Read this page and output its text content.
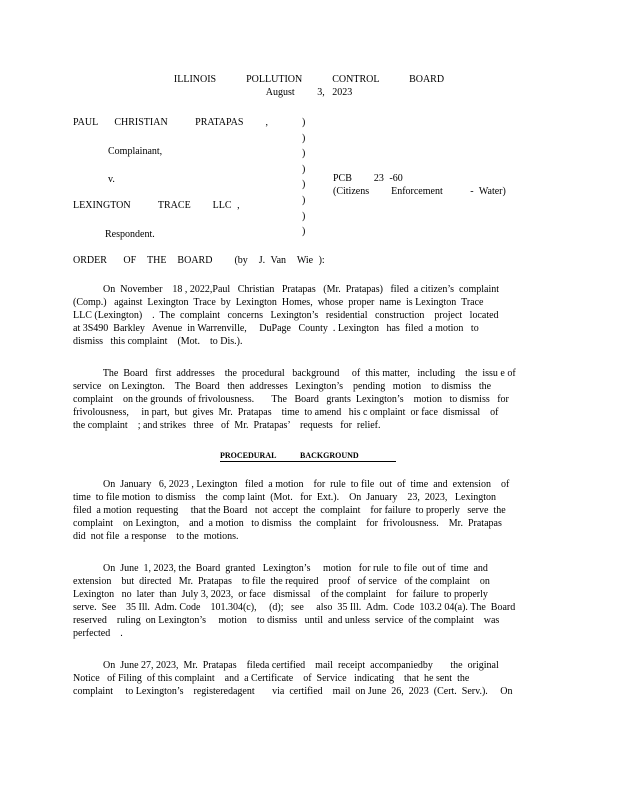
ILLINOIS    POLLUTION    CONTROL    BOARD
August   3, 2023
PAUL   CHRISTIAN     PRATAPAS    ,
Complainant,
v.
LEXINGTON     TRACE    LLC ,
Respondent.
PCB    23 -60
(Citizens    Enforcement     - Water)
)
)
)
)
)
)
)
)
ORDER   OF  THE  BOARD    (by  J. Van  Wie ):

On  November    18 , 2022,Paul   Christian   Pratapas   (Mr.  Pratapas)   filed  a citizen’s  complaint

(Comp.)   against  Lexington  Trace  by  Lexington  Homes,  whose  proper  name  is Lexington  Trace

LLC (Lexington)    .  The  complaint   concerns   Lexington’s   residential   construction    project   located

at 3S490  Barkley   Avenue  in Warrenville,     DuPage   County  . Lexington   has  filed  a motion   to

dismiss   this complaint    (Mot.    to Dis.).

The  Board   first  addresses    the  procedural   background     of  this matter,   including    the  issu e of

service   on Lexington.    The  Board   then  addresses   Lexington’s    pending   motion    to dismiss   the

complaint    on the grounds  of frivolousness.       The   Board   grants  Lexington’s    motion   to dismiss   for

frivolousness,     in part,  but  gives  Mr.  Pratapas    time  to amend   his c omplaint  or face  dismissal    of

the complaint    ; and strikes   three   of  Mr.  Pratapas’    requests   for  relief.

PROCEDURAL BACKGROUND

On  January   6, 2023 , Lexington   filed  a motion    for  rule  to file  out  of  time  and  extension    of

time  to file motion  to dismiss    the  comp laint  (Mot.   for  Ext.).    On  January    23,  2023,   Lexington

filed  a motion  requesting     that the Board   not  accept  the  complaint    for failure  to properly   serve  the

complaint    on Lexington,    and  a motion   to dismiss   the  complaint    for  frivolousness.    Mr.  Pratapas

did  not file  a response    to the  motions.

On  June  1, 2023, the  Board  granted   Lexington’s     motion   for rule  to file  out of  time  and

extension    but  directed   Mr.  Pratapas    to file  the required    proof   of service   of the complaint    on

Lexington   no  later  than  July 3, 2023,  or face   dismissal    of the complaint    for  failure  to properly

serve.  See    35 Ill.  Adm. Code    101.304(c),     (d);   see     also  35 Ill.  Adm.  Code  103.2 04(a). The  Board

reserved    ruling  on Lexington’s     motion    to dismiss   until  and unless  service  of the complaint    was

perfected    .

On  June 27, 2023,  Mr.  Pratapas    fileda certified    mail  receipt  accompaniedby       the  original

Notice   of Filing  of this complaint    and  a Certificate    of  Service   indicating    that  he sent  the

complaint     to Lexington’s    registeredagent       via  certified    mail  on June  26,  2023  (Cert.  Serv.).     On
